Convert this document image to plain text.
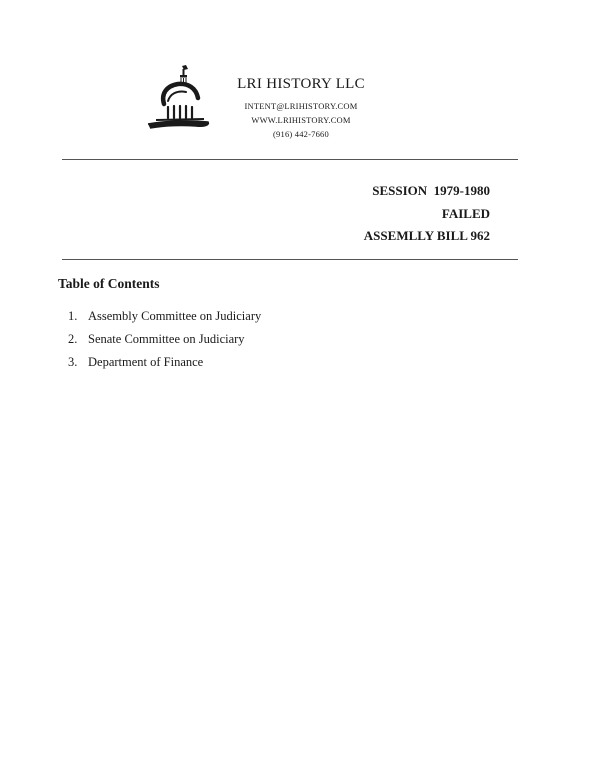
LRI HISTORY LLC
INTENT@LRIHISTORY.COM
WWW.LRIHISTORY.COM
(916) 442-7660
SESSION  1979-1980
FAILED
ASSEMLLY BILL 962
Table of Contents
1. Assembly Committee on Judiciary
2. Senate Committee on Judiciary
3. Department of Finance
